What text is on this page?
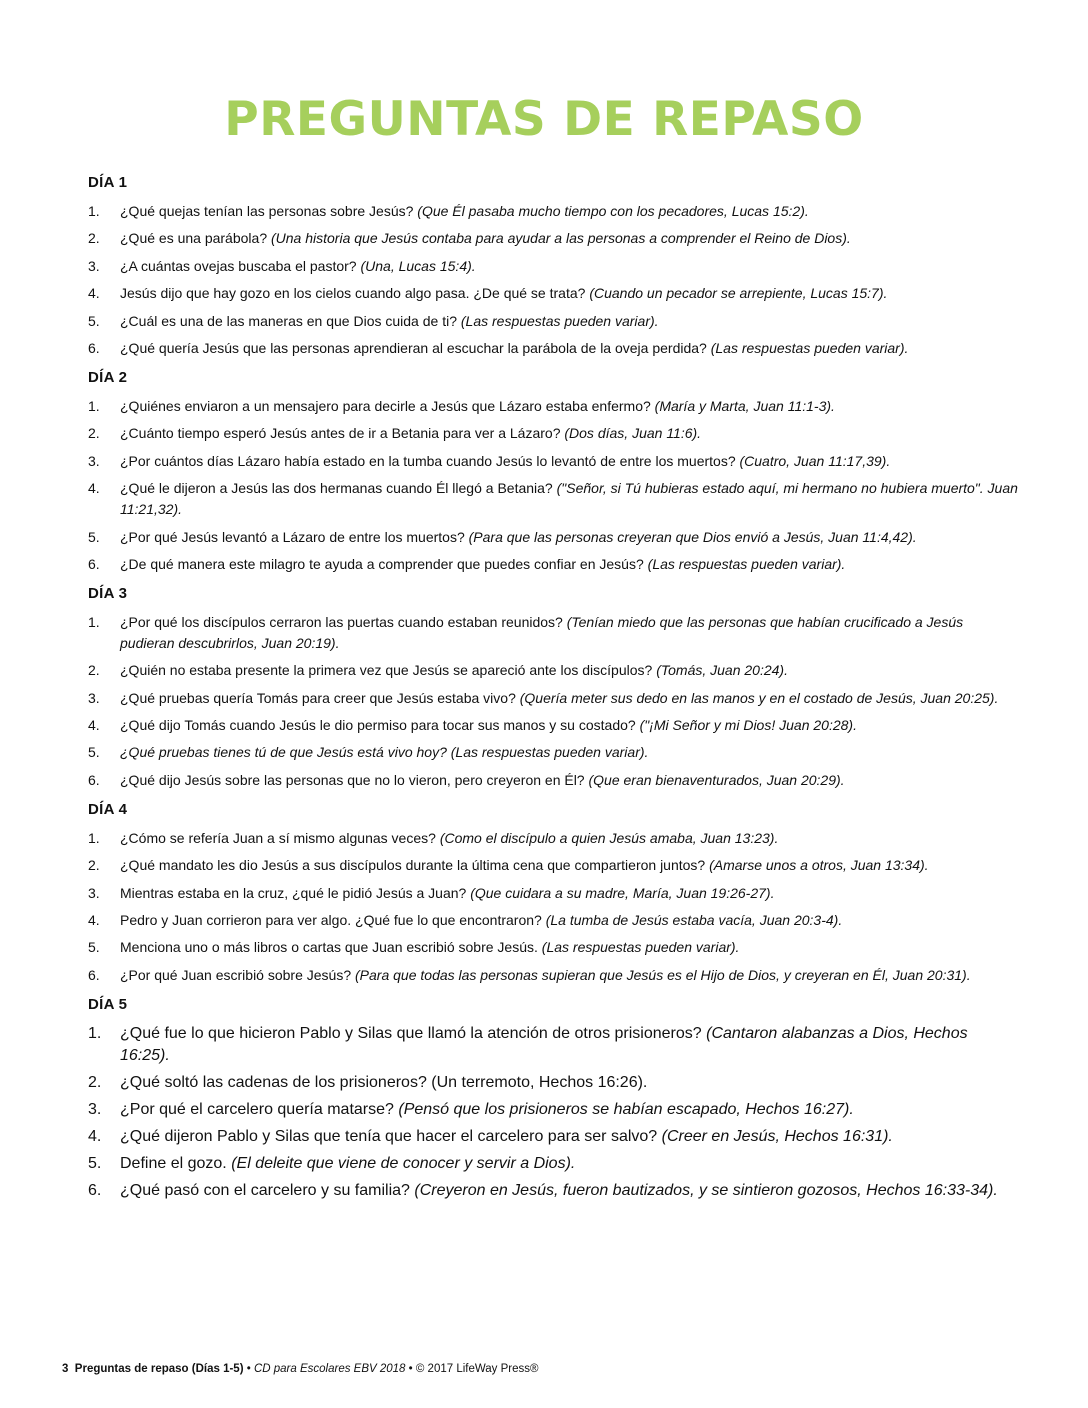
PREGUNTAS DE REPASO
DÍA 1
1.	¿Qué quejas tenían las personas sobre Jesús? (Que Él pasaba mucho tiempo con los pecadores, Lucas 15:2).
2.	¿Qué es una parábola? (Una historia que Jesús contaba para ayudar a las personas a comprender el Reino de Dios).
3.	¿A cuántas ovejas buscaba el pastor? (Una, Lucas 15:4).
4.	Jesús dijo que hay gozo en los cielos cuando algo pasa. ¿De qué se trata? (Cuando un pecador se arrepiente, Lucas 15:7).
5.	¿Cuál es una de las maneras en que Dios cuida de ti? (Las respuestas pueden variar).
6.	¿Qué quería Jesús que las personas aprendieran al escuchar la parábola de la oveja perdida? (Las respuestas pueden variar).
DÍA 2
1.	¿Quiénes enviaron a un mensajero para decirle a Jesús que Lázaro estaba enfermo? (María y Marta, Juan 11:1-3).
2.	¿Cuánto tiempo esperó Jesús antes de ir a Betania para ver a Lázaro? (Dos días, Juan 11:6).
3.	¿Por cuántos días Lázaro había estado en la tumba cuando Jesús lo levantó de entre los muertos? (Cuatro, Juan 11:17,39).
4.	¿Qué le dijeron a Jesús las dos hermanas cuando Él llegó a Betania? ("Señor, si Tú hubieras estado aquí, mi hermano no hubiera muerto". Juan 11:21,32).
5.	¿Por qué Jesús levantó a Lázaro de entre los muertos? (Para que las personas creyeran que Dios envió a Jesús, Juan 11:4,42).
6.	¿De qué manera este milagro te ayuda a comprender que puedes confiar en Jesús? (Las respuestas pueden variar).
DÍA 3
1.	¿Por qué los discípulos cerraron las puertas cuando estaban reunidos? (Tenían miedo que las personas que habían crucificado a Jesús pudieran descubrirlos, Juan 20:19).
2.	¿Quién no estaba presente la primera vez que Jesús se apareció ante los discípulos? (Tomás, Juan 20:24).
3.	¿Qué pruebas quería Tomás para creer que Jesús estaba vivo? (Quería meter sus dedo en las manos y en el costado de Jesús, Juan 20:25).
4.	¿Qué dijo Tomás cuando Jesús le dio permiso para tocar sus manos y su costado? ("¡Mi Señor y mi Dios! Juan 20:28).
5.	¿Qué pruebas tienes tú de que Jesús está vivo hoy? (Las respuestas pueden variar).
6.	¿Qué dijo Jesús sobre las personas que no lo vieron, pero creyeron en Él? (Que eran bienaventurados, Juan 20:29).
DÍA 4
1.	¿Cómo se refería Juan a sí mismo algunas veces? (Como el discípulo a quien Jesús amaba, Juan 13:23).
2.	¿Qué mandato les dio Jesús a sus discípulos durante la última cena que compartieron juntos? (Amarse unos a otros, Juan 13:34).
3.	Mientras estaba en la cruz, ¿qué le pidió Jesús a Juan? (Que cuidara a su madre, María, Juan 19:26-27).
4.	Pedro y Juan corrieron para ver algo. ¿Qué fue lo que encontraron? (La tumba de Jesús estaba vacía, Juan 20:3-4).
5.	Menciona uno o más libros o cartas que Juan escribió sobre Jesús. (Las respuestas pueden variar).
6.	¿Por qué Juan escribió sobre Jesús? (Para que todas las personas supieran que Jesús es el Hijo de Dios, y creyeran en Él, Juan 20:31).
DÍA 5
1.	¿Qué fue lo que hicieron Pablo y Silas que llamó la atención de otros prisioneros? (Cantaron alabanzas a Dios, Hechos 16:25).
2.	¿Qué soltó las cadenas de los prisioneros? (Un terremoto, Hechos 16:26).
3.	¿Por qué el carcelero quería matarse? (Pensó que los prisioneros se habían escapado, Hechos 16:27).
4.	¿Qué dijeron Pablo y Silas que tenía que hacer el carcelero para ser salvo? (Creer en Jesús, Hechos 16:31).
5.	Define el gozo. (El deleite que viene de conocer y servir a Dios).
6.	¿Qué pasó con el carcelero y su familia? (Creyeron en Jesús, fueron bautizados, y se sintieron gozosos, Hechos 16:33-34).
3 Preguntas de repaso (Días 1-5) • CD para Escolares EBV 2018 • © 2017 LifeWay Press®
